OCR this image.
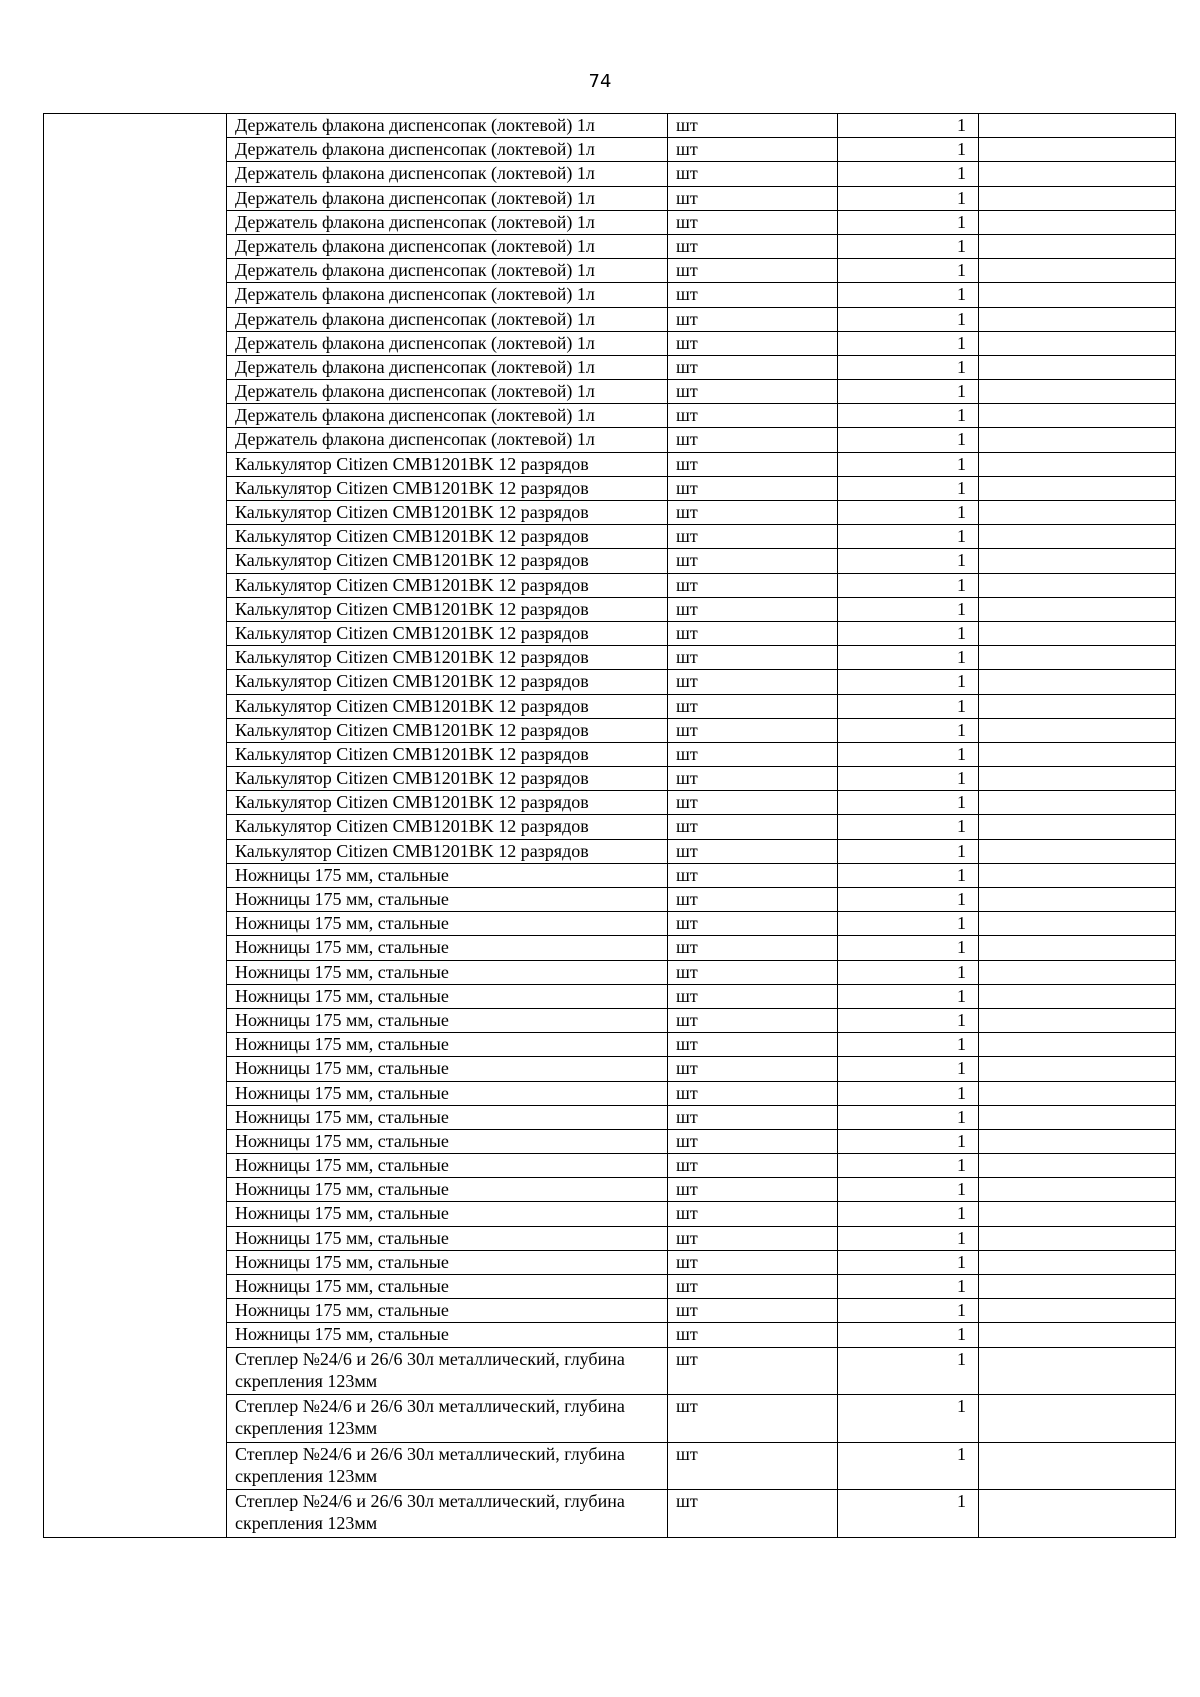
74
	Держатель флакона диспенсопак (локтевой) 1л	шт	1	
	Держатель флакона диспенсопак (локтевой) 1л	шт	1	
	Держатель флакона диспенсопак (локтевой) 1л	шт	1	
	Держатель флакона диспенсопак (локтевой) 1л	шт	1	
	Держатель флакона диспенсопак (локтевой) 1л	шт	1	
	Держатель флакона диспенсопак (локтевой) 1л	шт	1	
	Держатель флакона диспенсопак (локтевой) 1л	шт	1	
	Держатель флакона диспенсопак (локтевой) 1л	шт	1	
	Держатель флакона диспенсопак (локтевой) 1л	шт	1	
	Держатель флакона диспенсопак (локтевой) 1л	шт	1	
	Держатель флакона диспенсопак (локтевой) 1л	шт	1	
	Держатель флакона диспенсопак (локтевой) 1л	шт	1	
	Держатель флакона диспенсопак (локтевой) 1л	шт	1	
	Держатель флакона диспенсопак (локтевой) 1л	шт	1	
	Калькулятор Citizen CMB1201BK 12 разрядов	шт	1	
	Калькулятор Citizen CMB1201BK 12 разрядов	шт	1	
	Калькулятор Citizen CMB1201BK 12 разрядов	шт	1	
	Калькулятор Citizen CMB1201BK 12 разрядов	шт	1	
	Калькулятор Citizen CMB1201BK 12 разрядов	шт	1	
	Калькулятор Citizen CMB1201BK 12 разрядов	шт	1	
	Калькулятор Citizen CMB1201BK 12 разрядов	шт	1	
	Калькулятор Citizen CMB1201BK 12 разрядов	шт	1	
	Калькулятор Citizen CMB1201BK 12 разрядов	шт	1	
	Калькулятор Citizen CMB1201BK 12 разрядов	шт	1	
	Калькулятор Citizen CMB1201BK 12 разрядов	шт	1	
	Калькулятор Citizen CMB1201BK 12 разрядов	шт	1	
	Калькулятор Citizen CMB1201BK 12 разрядов	шт	1	
	Калькулятор Citizen CMB1201BK 12 разрядов	шт	1	
	Калькулятор Citizen CMB1201BK 12 разрядов	шт	1	
	Калькулятор Citizen CMB1201BK 12 разрядов	шт	1	
	Калькулятор Citizen CMB1201BK 12 разрядов	шт	1	
	Ножницы 175 мм, стальные	шт	1	
	Ножницы 175 мм, стальные	шт	1	
	Ножницы 175 мм, стальные	шт	1	
	Ножницы 175 мм, стальные	шт	1	
	Ножницы 175 мм, стальные	шт	1	
	Ножницы 175 мм, стальные	шт	1	
	Ножницы 175 мм, стальные	шт	1	
	Ножницы 175 мм, стальные	шт	1	
	Ножницы 175 мм, стальные	шт	1	
	Ножницы 175 мм, стальные	шт	1	
	Ножницы 175 мм, стальные	шт	1	
	Ножницы 175 мм, стальные	шт	1	
	Ножницы 175 мм, стальные	шт	1	
	Ножницы 175 мм, стальные	шт	1	
	Ножницы 175 мм, стальные	шт	1	
	Ножницы 175 мм, стальные	шт	1	
	Ножницы 175 мм, стальные	шт	1	
	Ножницы 175 мм, стальные	шт	1	
	Ножницы 175 мм, стальные	шт	1	
	Ножницы 175 мм, стальные	шт	1	
	Степлер №24/6 и 26/6 30л металлический, глубина скрепления 123мм	шт	1	
	Степлер №24/6 и 26/6 30л металлический, глубина скрепления 123мм	шт	1	
	Степлер №24/6 и 26/6 30л металлический, глубина скрепления 123мм	шт	1	
	Степлер №24/6 и 26/6 30л металлический, глубина скрепления 123мм	шт	1	
